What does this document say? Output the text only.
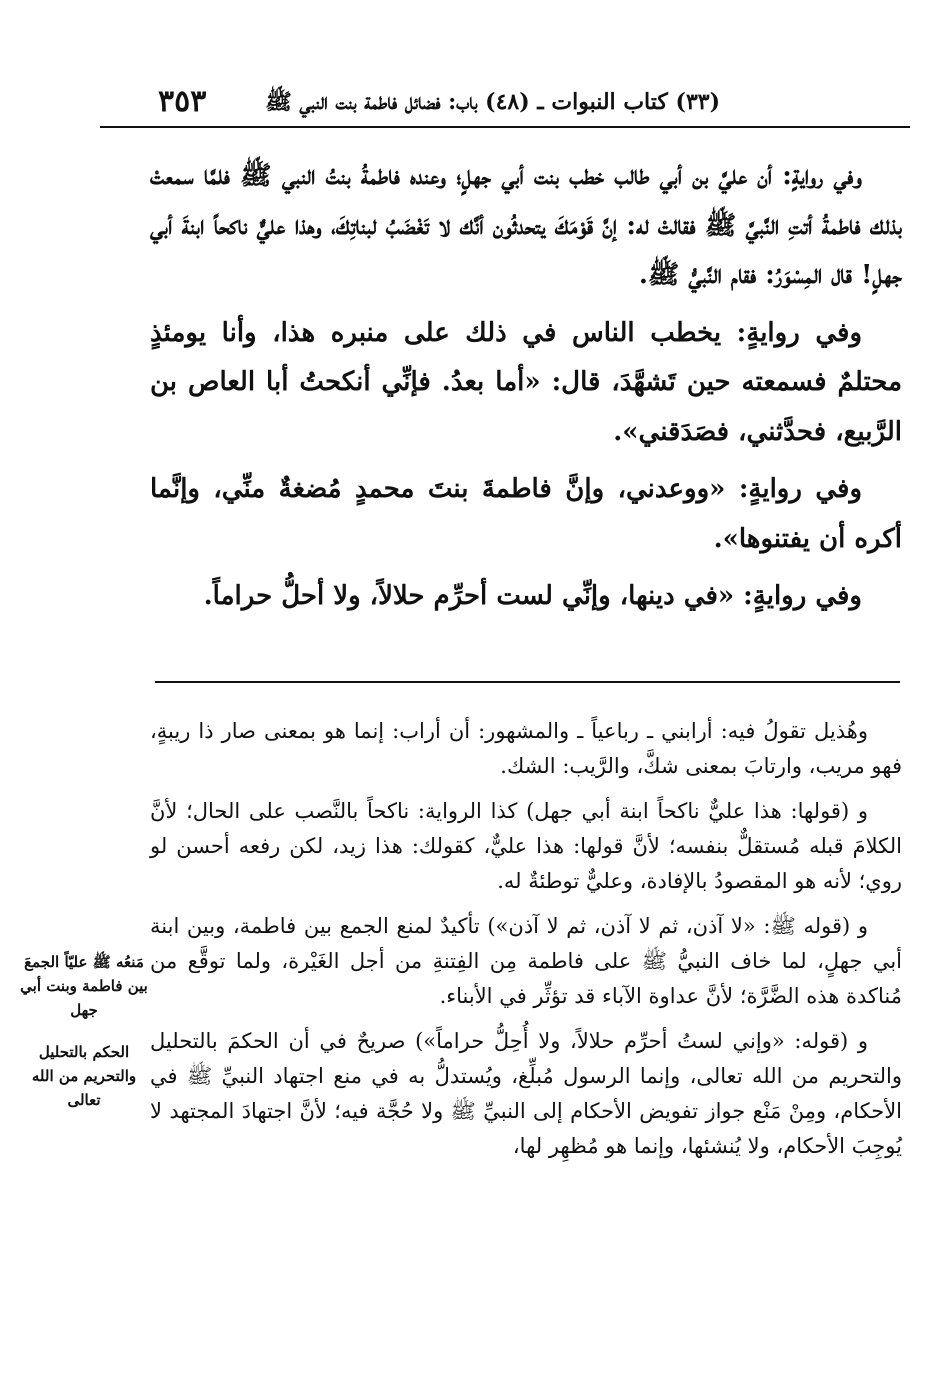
(٣٣) كتاب النبوات ـ (٤٨) باب: فضائل فاطمة بنت النبي ﷺ
٣٥٣

وفي روايةٍ: أن عليَّ بن أبي طالب خطب بنت أبي جهلٍ؛ وعنده فاطمةُ بنتُ النبي ﷺ فلمَّا سمعتْ بذلك فاطمةُ أتتِ النَّبيَّ ﷺ فقالتْ له: إنَّ قَوْمَكَ يتحدثُون أنَّك لا تَغْضَبُ لبناتِكَ، وهذا عليٌّ ناكحاً ابنةَ أبي جهلٍ! قال المِسْوَرُ: فقام النَّبيُّ ﷺ.

وفي روايةٍ: يخطب الناس في ذلك على منبره هذا، وأنا يومئذٍ محتلمٌ فسمعته حين تَشهَّدَ، قال: «أما بعدُ. فإنِّي أنكحتُ أبا العاص بن الرَّبيع، فحدَّثني، فصَدَقني».

وفي روايةٍ: «ووعدني، وإنَّ فاطمةَ بنتَ محمدٍ مُضغةٌ منِّي، وإنَّما أكره أن يفتنوها».

وفي روايةٍ: «في دينها، وإنِّي لست أحرِّم حلالاً، ولا أحلُّ حراماً.

وهُذيل تقولُ فيه: أرابني ـ رباعياً ـ والمشهور: أن أراب: إنما هو بمعنى صار ذا ريبةٍ، فهو مريب، وارتابَ بمعنى شكَّ، والرَّيب: الشك.

و (قولها: هذا عليٌّ ناكحاً ابنة أبي جهل) كذا الرواية: ناكحاً بالنَّصب على الحال؛ لأنَّ الكلامَ قبله مُستقلٌّ بنفسه؛ لأنَّ قولها: هذا عليٌّ، كقولك: هذا زيد، لكن رفعه أحسن لو روي؛ لأنه هو المقصودُ بالإفادة، وعليٌّ توطئةٌ له.

و (قوله ﷺ: «لا آذن، ثم لا آذن، ثم لا آذن») تأكيدٌ لمنع الجمع بين فاطمة، وبين ابنة أبي جهلٍ، لما خاف النبيُّ ﷺ على فاطمة مِن الفِتنةِ من أجل الغَيْرة، ولما توقَّع من مُناكدة هذه الضَّرَّة؛ لأنَّ عداوة الآباء قد تؤثِّر في الأبناء.

و (قوله: «وإني لستُ أحرِّم حلالاً، ولا أُحِلُّ حراماً») صريحٌ في أن الحكمَ بالتحليل والتحريم من الله تعالى، وإنما الرسول مُبلِّغ، ويُستدلُّ به في منع اجتهاد النبيِّ ﷺ في الأحكام، ومِنْ مَنْع جواز تفويض الأحكام إلى النبيِّ ﷺ ولا حُجَّة فيه؛ لأنَّ اجتهادَ المجتهد لا يُوجِبَ الأحكام، ولا يُنشئها، وإنما هو مُظهِر لها،

مَنعُه ﷺ عليّاً الجمعَ بين فاطمة وبنت أبي جهل
الحكم بالتحليل والتحريم من الله تعالى
